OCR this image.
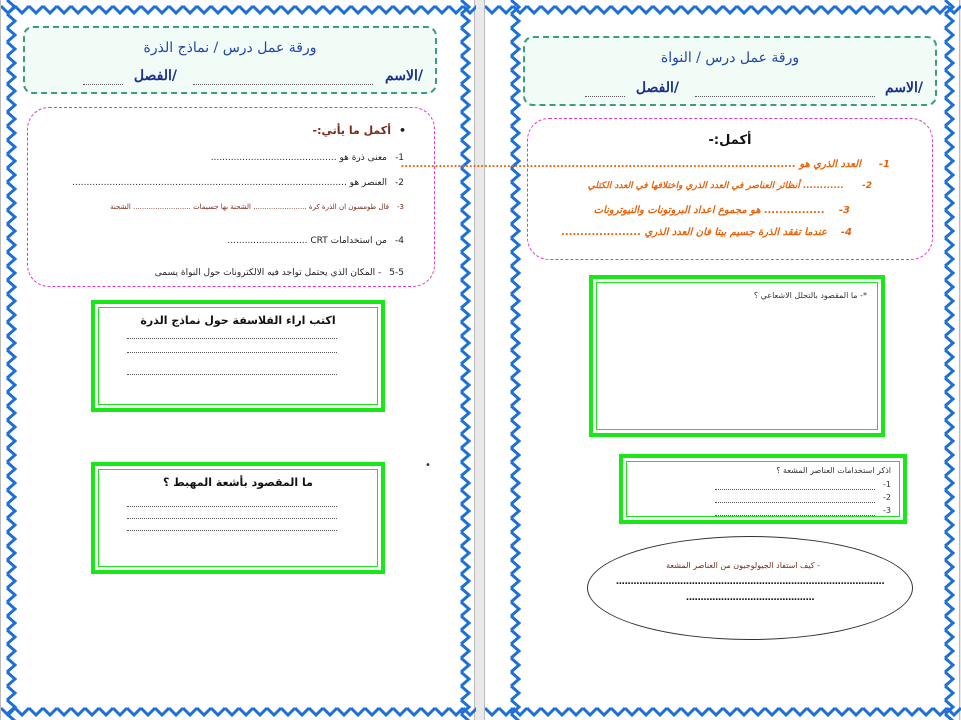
ورقة عمل درس / نماذج الذرة
الاسم/
الفصل/
•أكمل ما يأتي:-
1-معنى ذرة هو ............................................
2-العنصر هو ................................................................................................
3-قال طومسون ان الذرة كرة ........................ الشحنة بها جسيمات .......................... الشحنة
4-من استخدامات CRT ............................
5-5- المكان الذي يحتمل تواجد فيه الالكترونات حول النواة يسمى
اكتب اراء الفلاسفة حول نماذج الذرة
ما المقصود بأشعة المهبط ؟
•
ورقة عمل درس / النواة
الاسم/
الفصل/
أكمل:-
1-العدد الذري هو ........................................................................................................
2-............ أنظائر العناصر في العدد الذري واختلافها في العدد الكتلي
3-................ هو مجموع اعداد البروتونات والنيوترونات
4-عندما تفقد الذرة جسيم بيتا فان العدد الذري .....................
*- ما المقصود بالتحلل الاشعاعي ؟
اذكر استخدامات العناصر المشعة ؟
1-
2-
3-
- كيف استفاد الجيولوجيون من العناصر المشعة
............................................................................................
............................................
